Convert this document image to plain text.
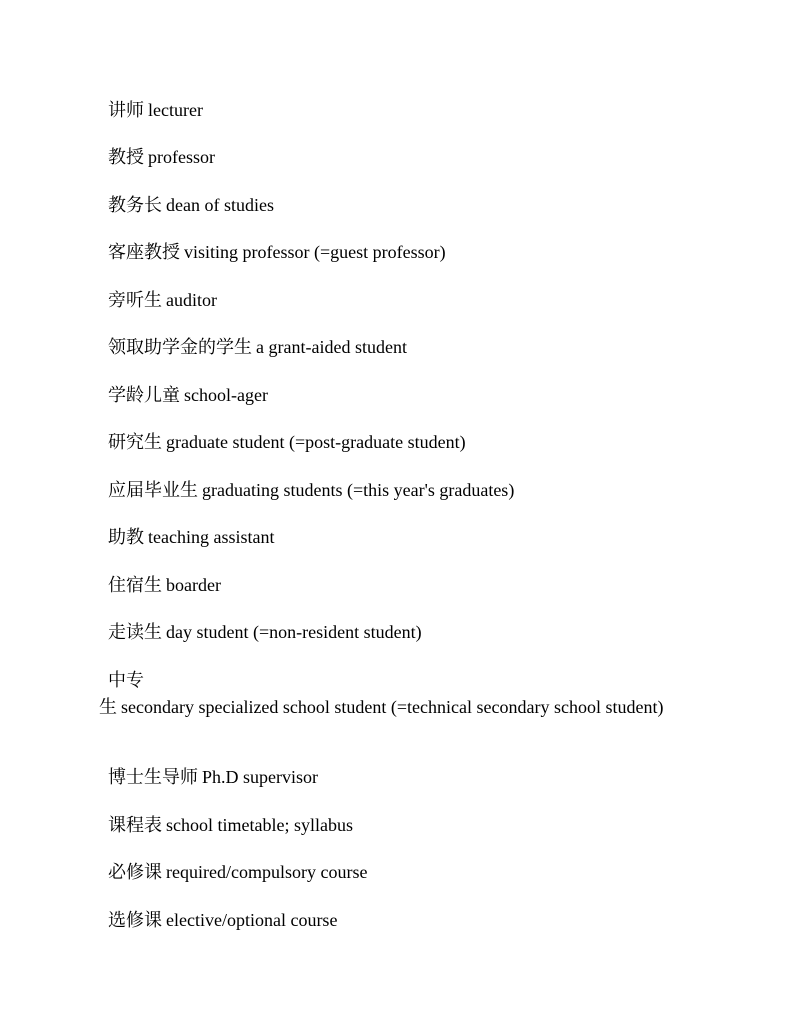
讲师 lecturer
教授 professor
教务长 dean of studies
客座教授 visiting professor (=guest professor)
旁听生 auditor
领取助学金的学生 a grant-aided student
学龄儿童 school-ager
研究生 graduate student (=post-graduate student)
应届毕业生 graduating students (=this year's graduates)
助教 teaching assistant
住宿生 boarder
走读生 day student (=non-resident student)
中专
生 secondary specialized school student (=technical secondary school student)
博士生导师 Ph.D supervisor
课程表 school timetable; syllabus
必修课 required/compulsory course
选修课 elective/optional course
